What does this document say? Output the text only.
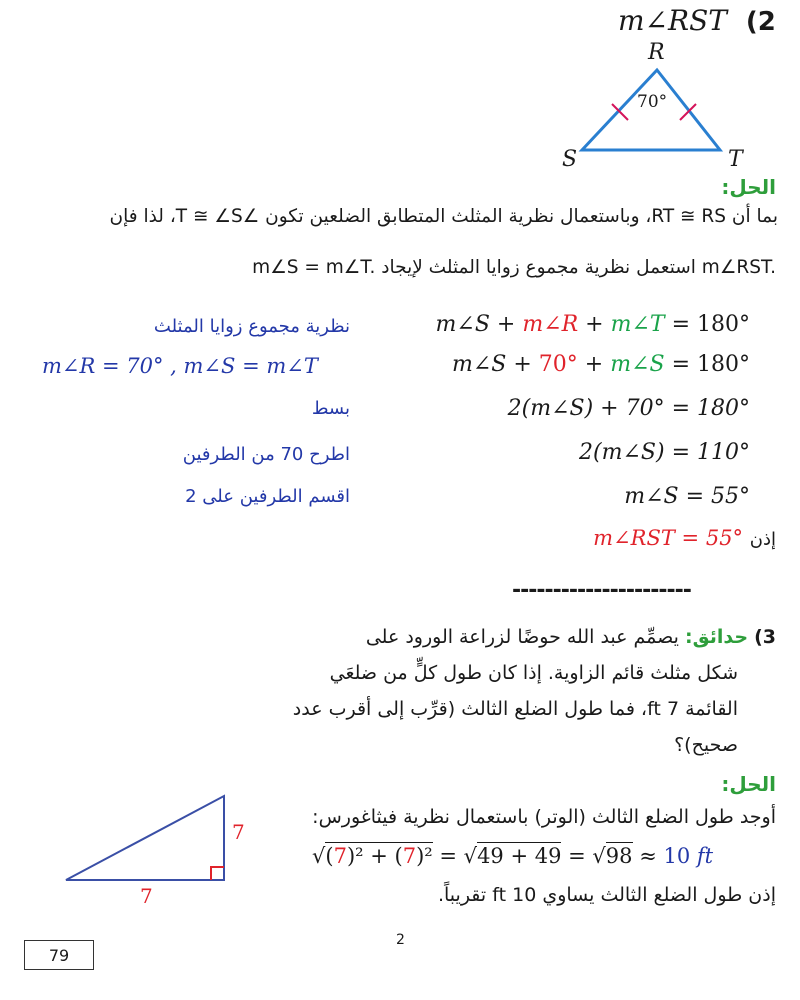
m∠RST (2
R
S	T
70°
الحل:
بما أن RT ≅ RS، وباستعمال نظرية المثلث المتطابق الضلعين تكون ∠T ≅ ∠S، لذا فإن
m∠S = m∠T. استعمل نظرية مجموع زوايا المثلث لإيجاد m∠RST.
m∠S + m∠R + m∠T = 180°
نظرية مجموع زوايا المثلث
m∠S + 70° + m∠S = 180°
m∠R = 70° , m∠S = m∠T
2(m∠S) + 70° = 180°
بسط
2(m∠S) = 110°
اطرح 70 من الطرفين
m∠S = 55°
اقسم الطرفين على 2
m∠RST = 55° إذن
----------------------
3) حدائق: يصمِّم عبد الله حوضًا لزراعة الورود على
شكل مثلث قائم الزاوية. إذا كان طول كلٍّ من ضلعَي
القائمة 7 ft، فما طول الضلع الثالث (قرِّب إلى أقرب عدد
صحيح)؟
الحل:
أوجد طول الضلع الثالث (الوتر) باستعمال نظرية فيثاغورس:
√(7)² + (7)² = √49 + 49 = √98 ≈ 10 ft
إذن طول الضلع الثالث يساوي 10 ft تقريباً.
7
7
2
79
